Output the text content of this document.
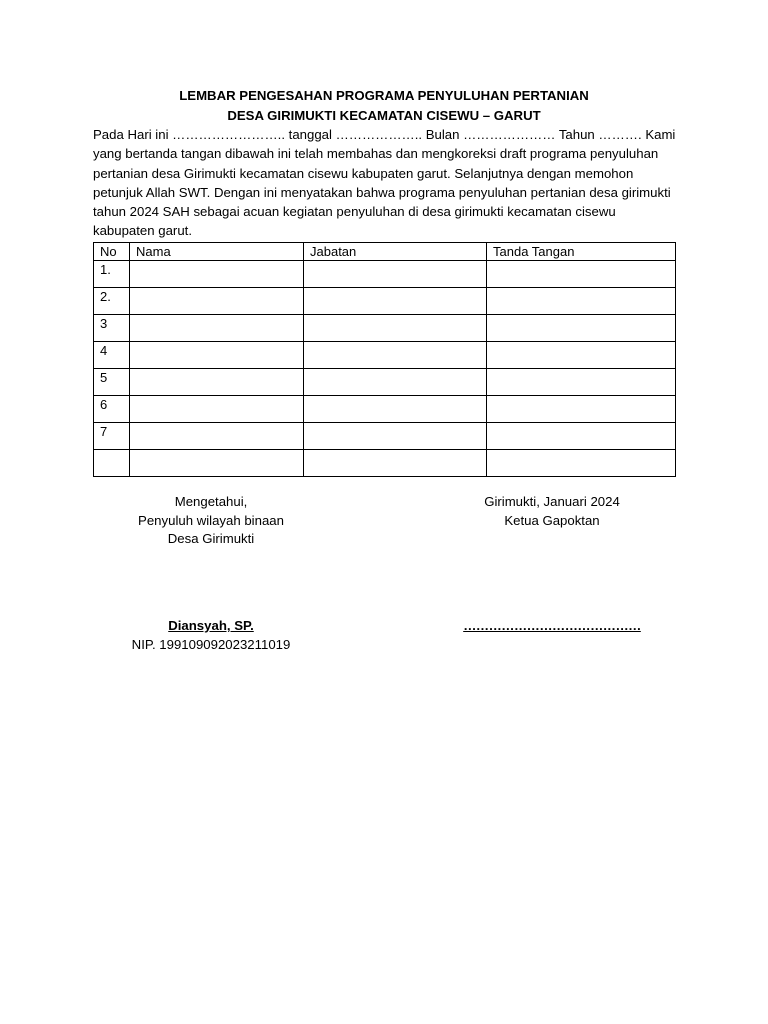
LEMBAR PENGESAHAN PROGRAMA PENYULUHAN PERTANIAN

DESA GIRIMUKTI KECAMATAN CISEWU – GARUT

Pada Hari ini …………………….. tanggal ……………….. Bulan ………………… Tahun ………. Kami yang bertanda tangan dibawah ini telah membahas dan mengkoreksi draft programa penyuluhan pertanian desa Girimukti kecamatan cisewu kabupaten garut. Selanjutnya dengan memohon petunjuk Allah SWT. Dengan ini menyatakan bahwa programa penyuluhan pertanian desa girimukti tahun 2024 SAH sebagai acuan kegiatan penyuluhan di desa girimukti kecamatan cisewu kabupaten garut.

No	Nama	Jabatan	Tanda Tangan
1.			
2.			
3			
4			
5			
6			
7			

Mengetahui,
Penyuluh wilayah binaan
Desa Girimukti
Girimukti, Januari 2024
Ketua Gapoktan
Diansyah, SP.
NIP. 199109092023211019
……………………………………
